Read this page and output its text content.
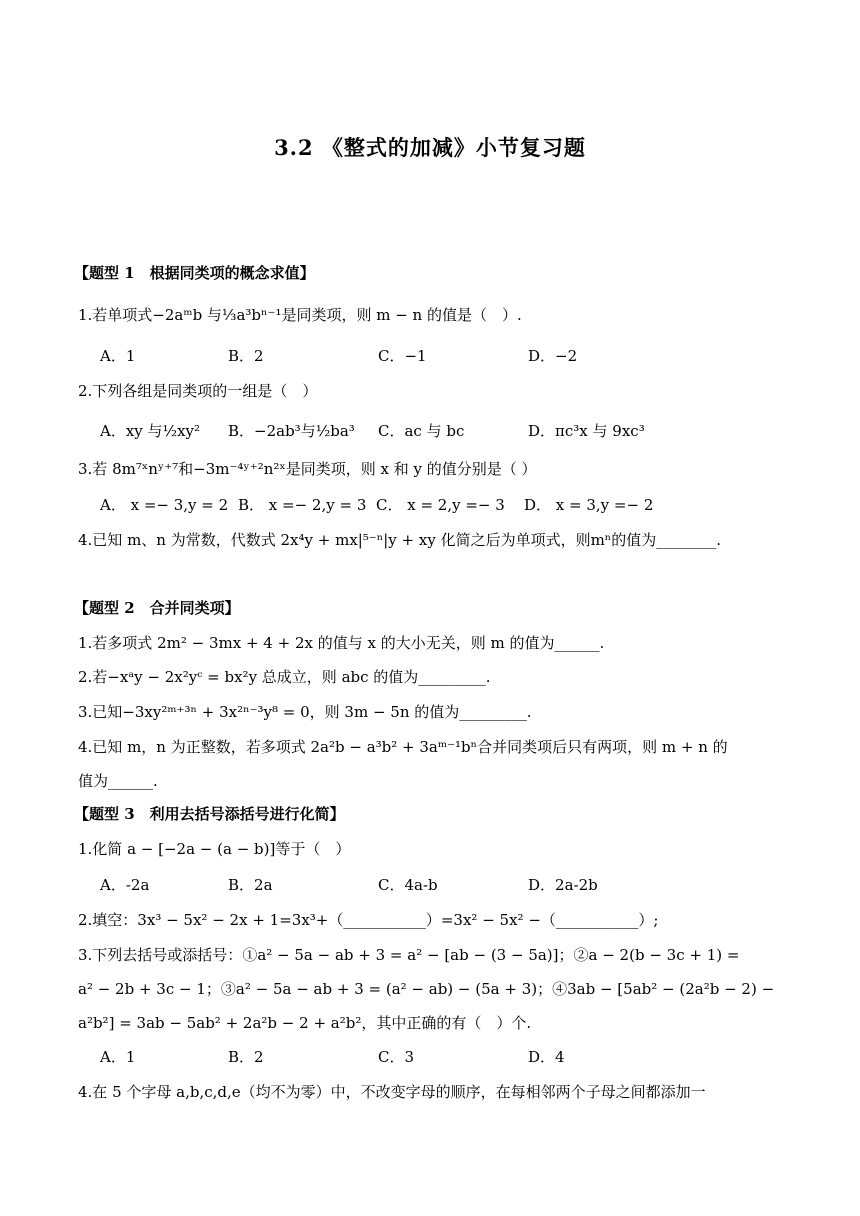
3.2 《整式的加减》小节复习题
【题型 1　根据同类项的概念求值】
1.若单项式−2aᵐb 与⅓a³bⁿ⁻¹是同类项，则 m − n 的值是（　）.
A．1	B．2	C．−1	D．−2
2.下列各组是同类项的一组是（　）
A．xy 与½xy² B．−2ab³与½ba³ C．ac 与 bc	D．πc³x 与 9xc³
3.若 8m⁷ˣnʸ⁺⁷和−3m⁻⁴ʸ⁺²n²ˣ是同类项，则 x 和 y 的值分别是（ ）
A． x =− 3,y = 2 B． x =− 2,y = 3 C． x = 2,y =− 3 D． x = 3,y =− 2
4.已知 m、n 为常数，代数式 2x⁴y + mx|⁵⁻ⁿ|y + xy 化简之后为单项式，则mⁿ的值为________.
【题型 2　合并同类项】
1.若多项式 2m² − 3mx + 4 + 2x 的值与 x 的大小无关，则 m 的值为______.
2.若−xᵃy − 2x²yᶜ = bx²y 总成立，则 abc 的值为_________.
3.已知−3xy²ᵐ⁺³ⁿ + 3x²ⁿ⁻³y⁸ = 0，则 3m − 5n 的值为_________.
4.已知 m，n 为正整数，若多项式 2a²b − a³b² + 3aᵐ⁻¹bⁿ合并同类项后只有两项，则 m + n 的
值为______.
【题型 3　利用去括号添括号进行化简】
1.化简 a − [−2a − (a − b)]等于（　）
A．-2a	B．2a	C．4a-b	D．2a-2b
2.填空：3x³ − 5x² − 2x + 1=3x³+（___________）=3x² − 5x² −（___________）;
3.下列去括号或添括号：①a² − 5a − ab + 3 = a² − [ab − (3 − 5a)]；②a − 2(b − 3c + 1) =
a² − 2b + 3c − 1；③a² − 5a − ab + 3 = (a² − ab) − (5a + 3)；④3ab − [5ab² − (2a²b − 2) −
a²b²] = 3ab − 5ab² + 2a²b − 2 + a²b²，其中正确的有（　）个.
A．1	B．2	C．3	D．4
4.在 5 个字母 a,b,c,d,e（均不为零）中，不改变字母的顺序，在每相邻两个子母之间都添加一
